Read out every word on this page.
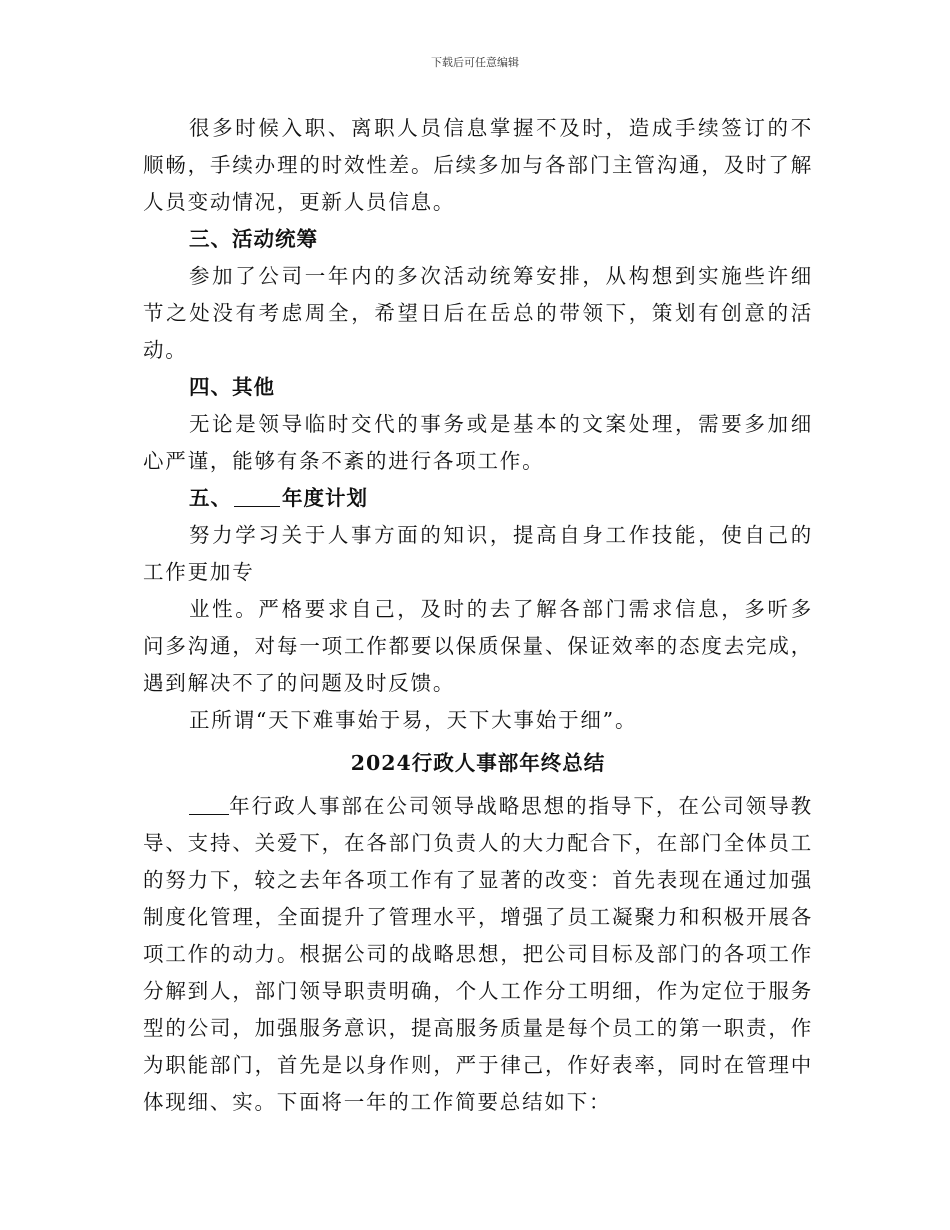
下载后可任意编辑

很多时候入职、离职人员信息掌握不及时，造成手续签订的不顺畅，手续办理的时效性差。后续多加与各部门主管沟通，及时了解人员变动情况，更新人员信息。

三、活动统筹

参加了公司一年内的多次活动统筹安排，从构想到实施些许细节之处没有考虑周全，希望日后在岳总的带领下，策划有创意的活动。

四、其他

无论是领导临时交代的事务或是基本的文案处理，需要多加细心严谨，能够有条不紊的进行各项工作。

五、 年度计划

努力学习关于人事方面的知识，提高自身工作技能，使自己的工作更加专

业性。严格要求自己，及时的去了解各部门需求信息，多听多问多沟通，对每一项工作都要以保质保量、保证效率的态度去完成，遇到解决不了的问题及时反馈。

正所谓“天下难事始于易，天下大事始于细”。

2024行政人事部年终总结

年行政人事部在公司领导战略思想的指导下，在公司领导教导、支持、关爱下，在各部门负责人的大力配合下，在部门全体员工的努力下，较之去年各项工作有了显著的改变：首先表现在通过加强制度化管理，全面提升了管理水平，增强了员工凝聚力和积极开展各项工作的动力。根据公司的战略思想，把公司目标及部门的各项工作分解到人，部门领导职责明确，个人工作分工明细，作为定位于服务型的公司，加强服务意识，提高服务质量是每个员工的第一职责，作为职能部门，首先是以身作则，严于律己，作好表率，同时在管理中体现细、实。下面将一年的工作简要总结如下：
